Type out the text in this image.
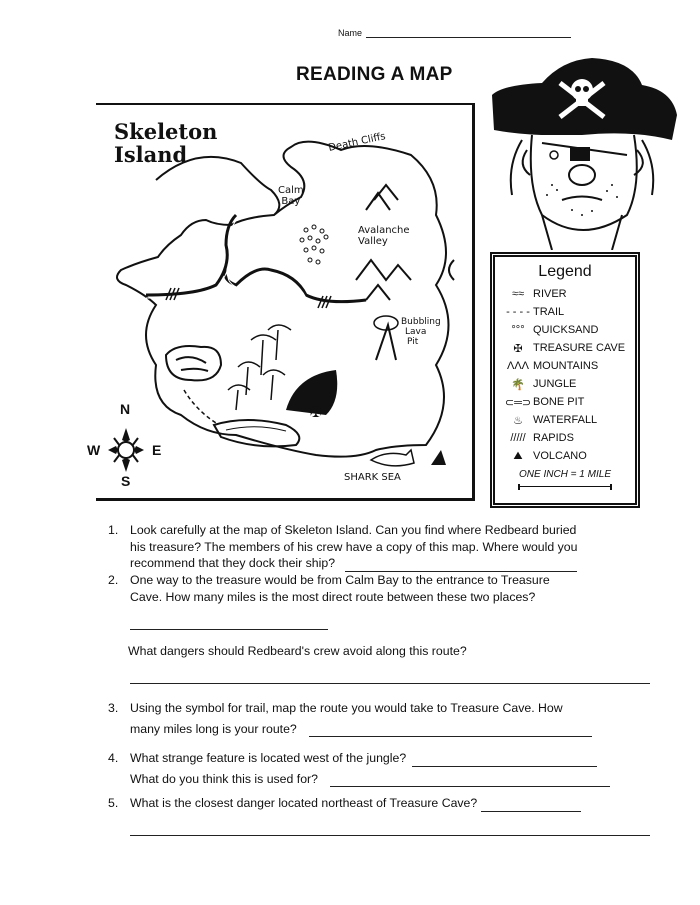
Name
READING A MAP
✠
Skeleton
Island	Death Cliffs
Calm
Bay
Avalanche
Valley
Bubbling
Lava
Pit
SHARK SEA
N
S
W	E
Legend
≈≈ RIVER
- - - - TRAIL
°°° QUICKSAND
✠ TREASURE CAVE
ΛΛΛ MOUNTAINS
🌴 JUNGLE
⊂═⊃ BONE PIT
♨ WATERFALL
///// RAPIDS
⛰ VOLCANO
ONE INCH = 1 MILE
1. Look carefully at the map of Skeleton Island. Can you find where Redbeard buried
his treasure? The members of his crew have a copy of this map. Where would you
recommend that they dock their ship?
2. One way to the treasure would be from Calm Bay to the entrance to Treasure
Cave. How many miles is the most direct route between these two places?
What dangers should Redbeard's crew avoid along this route?
3. Using the symbol for trail, map the route you would take to Treasure Cave. How
many miles long is your route?
4. What strange feature is located west of the jungle?
What do you think this is used for?
5. What is the closest danger located northeast of Treasure Cave?
